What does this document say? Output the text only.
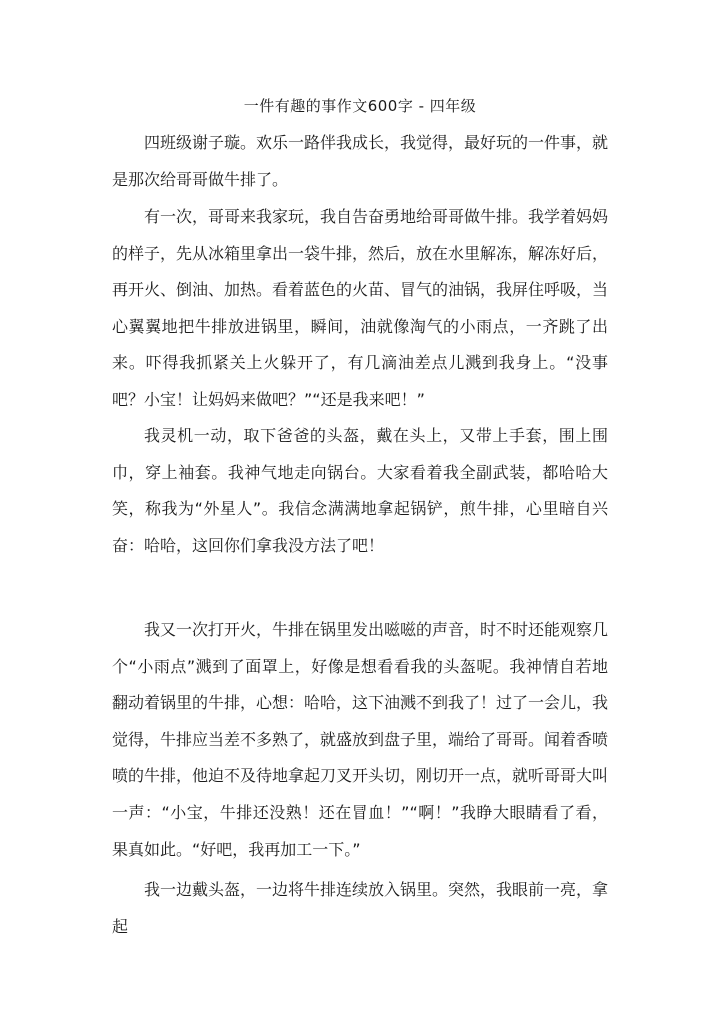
一件有趣的事作文600字 - 四年级

四班级谢子璇。欢乐一路伴我成长，我觉得，最好玩的一件事，就是那次给哥哥做牛排了。

有一次，哥哥来我家玩，我自告奋勇地给哥哥做牛排。我学着妈妈的样子，先从冰箱里拿出一袋牛排，然后，放在水里解冻，解冻好后，再开火、倒油、加热。看着蓝色的火苗、冒气的油锅，我屏住呼吸，当心翼翼地把牛排放进锅里，瞬间，油就像淘气的小雨点，一齐跳了出来。吓得我抓紧关上火躲开了，有几滴油差点儿溅到我身上。“没事吧？小宝！让妈妈来做吧？”“还是我来吧！”

我灵机一动，取下爸爸的头盔，戴在头上，又带上手套，围上围巾，穿上袖套。我神气地走向锅台。大家看着我全副武装，都哈哈大笑，称我为“外星人”。我信念满满地拿起锅铲，煎牛排，心里暗自兴奋：哈哈，这回你们拿我没方法了吧！

我又一次打开火，牛排在锅里发出嗞嗞的声音，时不时还能观察几个“小雨点”溅到了面罩上，好像是想看看我的头盔呢。我神情自若地翻动着锅里的牛排，心想：哈哈，这下油溅不到我了！过了一会儿，我觉得，牛排应当差不多熟了，就盛放到盘子里，端给了哥哥。闻着香喷喷的牛排，他迫不及待地拿起刀叉开头切，刚切开一点，就听哥哥大叫一声：“小宝，牛排还没熟！还在冒血！”“啊！”我睁大眼睛看了看，果真如此。“好吧，我再加工一下。”

我一边戴头盔，一边将牛排连续放入锅里。突然，我眼前一亮，拿起
